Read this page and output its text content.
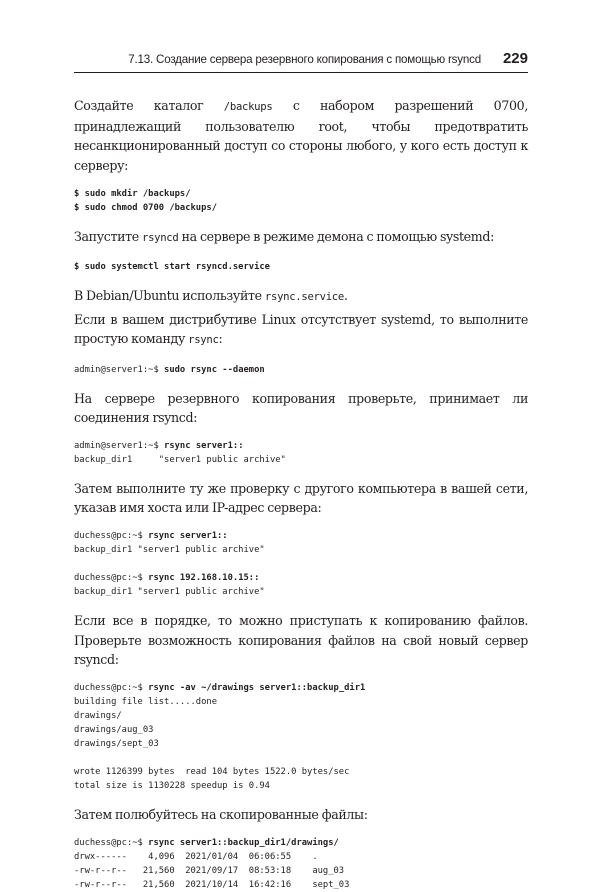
7.13. Создание сервера резервного копирования с помощью rsyncd 229

Создайте каталог /backups с набором разрешений 0700, принадлежащий пользователю root, чтобы предотвратить несанкционированный доступ со стороны любого, у кого есть доступ к серверу:

$ sudo mkdir /backups/
$ sudo chmod 0700 /backups/

Запустите rsyncd на сервере в режиме демона с помощью systemd:

$ sudo systemctl start rsyncd.service

В Debian/Ubuntu используйте rsync.service.

Если в вашем дистрибутиве Linux отсутствует systemd, то выполните простую команду rsync:

admin@server1:~$ sudo rsync --daemon

На сервере резервного копирования проверьте, принимает ли соединения rsyncd:

admin@server1:~$ rsync server1::
backup_dir1     "server1 public archive"

Затем выполните ту же проверку с другого компьютера в вашей сети, указав имя хоста или IP-адрес сервера:

duchess@pc:~$ rsync server1::
backup_dir1 "server1 public archive"

duchess@pc:~$ rsync 192.168.10.15::
backup_dir1 "server1 public archive"

Если все в порядке, то можно приступать к копированию файлов. Проверьте возможность копирования файлов на свой новый сервер rsyncd:

duchess@pc:~$ rsync -av ~/drawings server1::backup_dir1
building file list.....done
drawings/
drawings/aug_03
drawings/sept_03

wrote 1126399 bytes  read 104 bytes 1522.0 bytes/sec
total size is 1130228 speedup is 0.94

Затем полюбуйтесь на скопированные файлы:

duchess@pc:~$ rsync server1::backup_dir1/drawings/
drwx------    4,096  2021/01/04  06:06:55    .
-rw-r--r--   21,560  2021/09/17  08:53:18    aug_03
-rw-r--r--   21,560  2021/10/14  16:42:16    sept_03
